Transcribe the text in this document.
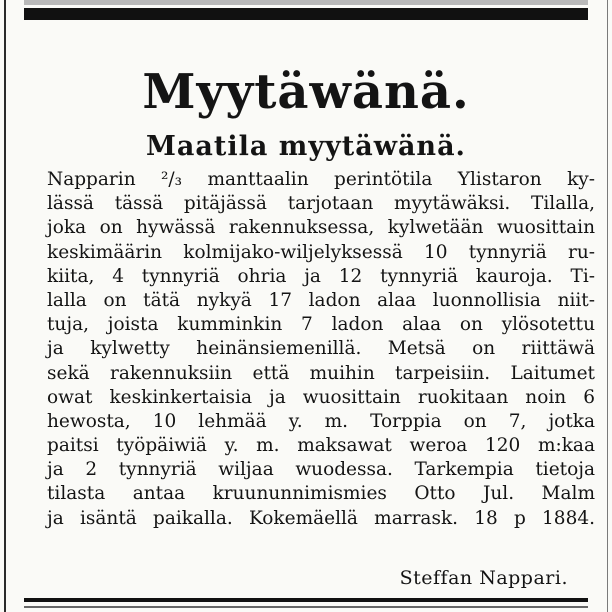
Myytäwänä.
Maatila myytäwänä.
Napparin ²/₃ manttaalin perintötila Ylistaron ky-
lässä tässä pitäjässä tarjotaan myytäwäksi. Tilalla,
joka on hywässä rakennuksessa, kylwetään wuosittain
keskimäärin kolmijako-wiljelyksessä 10 tynnyriä ru-
kiita, 4 tynnyriä ohria ja 12 tynnyriä kauroja. Ti-
lalla on tätä nykyä 17 ladon alaa luonnollisia niit-
tuja, joista kumminkin 7 ladon alaa on ylösotettu
ja kylwetty heinänsiemenillä. Metsä on riittäwä
sekä rakennuksiin että muihin tarpeisiin. Laitumet
owat keskinkertaisia ja wuosittain ruokitaan noin 6
hewosta, 10 lehmää y. m. Torppia on 7, jotka
paitsi työpäiwiä y. m. maksawat weroa 120 m:kaa
ja 2 tynnyriä wiljaa wuodessa. Tarkempia tietoja
tilasta antaa kruununnimismies Otto Jul. Malm
ja isäntä paikalla. Kokemäellä marrask. 18 p 1884.
Steffan Nappari.
